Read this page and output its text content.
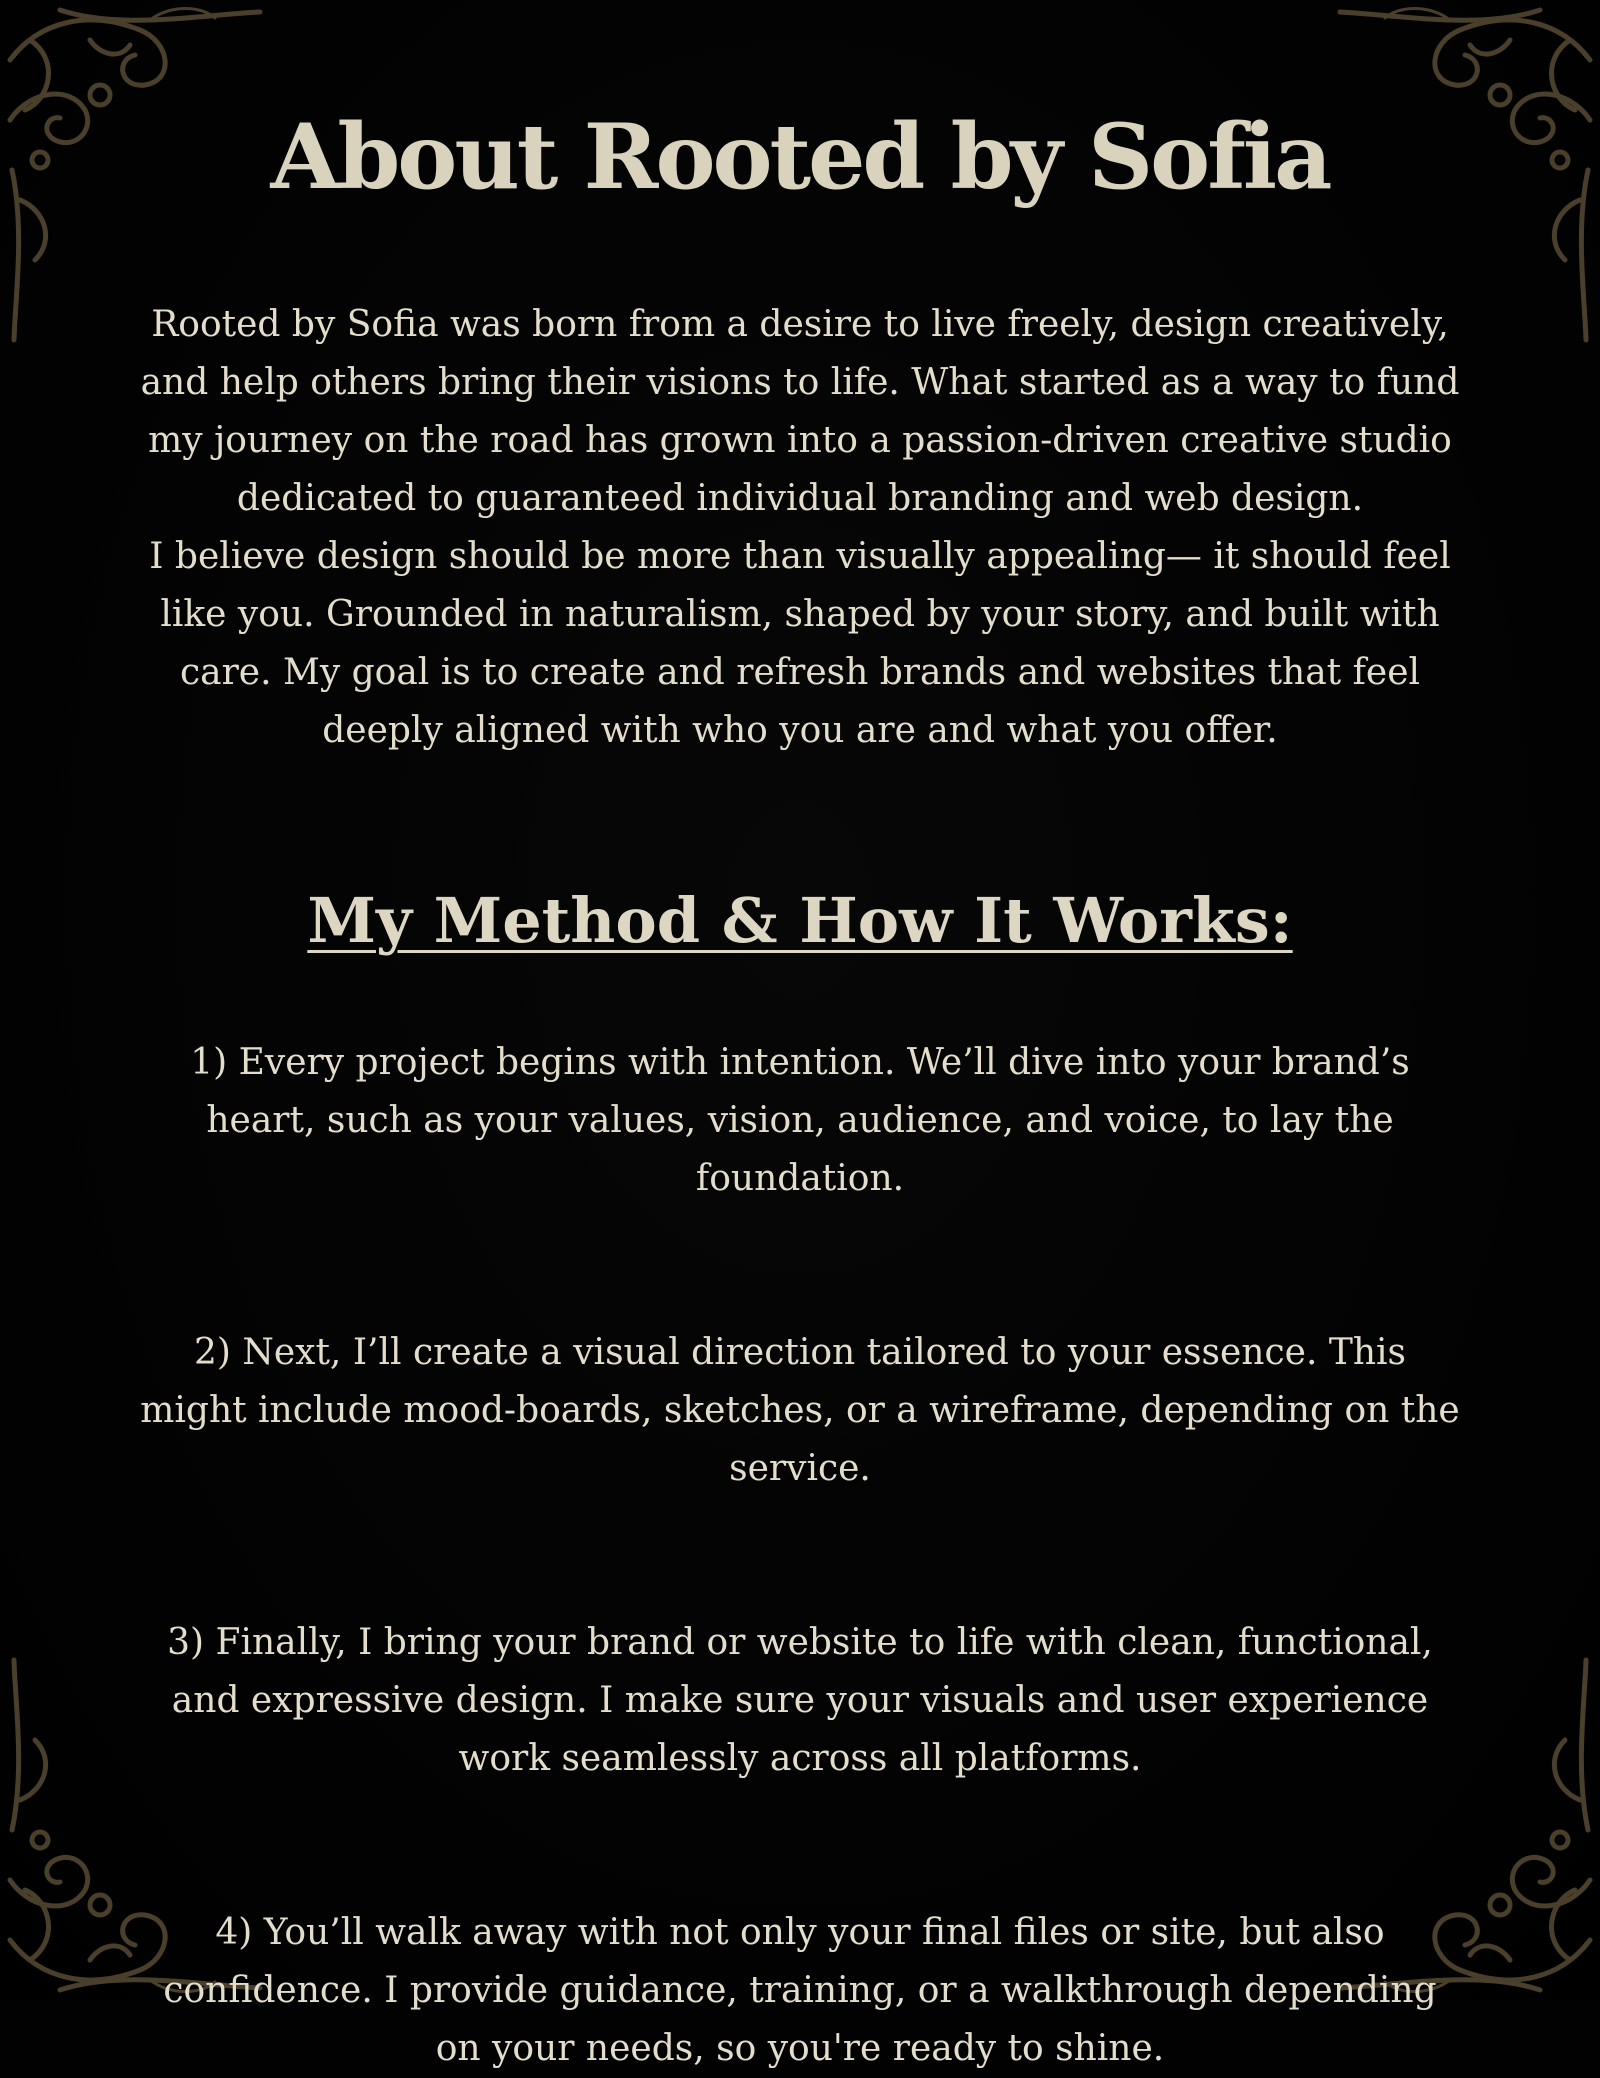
About Rooted by Sofia

Rooted by Sofia was born from a desire to live freely, design creatively, and help others bring their visions to life. What started as a way to fund my journey on the road has grown into a passion-driven creative studio dedicated to guaranteed individual branding and web design.

I believe design should be more than visually appealing— it should feel like you. Grounded in naturalism, shaped by your story, and built with care. My goal is to create and refresh brands and websites that feel deeply aligned with who you are and what you offer.

My Method & How It Works:

1) Every project begins with intention. We’ll dive into your brand’s heart, such as your values, vision, audience, and voice, to lay the foundation.

2) Next, I’ll create a visual direction tailored to your essence. This might include mood-boards, sketches, or a wireframe, depending on the service.

3) Finally, I bring your brand or website to life with clean, functional, and expressive design. I make sure your visuals and user experience work seamlessly across all platforms.

4) You’ll walk away with not only your final files or site, but also confidence. I provide guidance, training, or a walkthrough depending on your needs, so you're ready to shine.
